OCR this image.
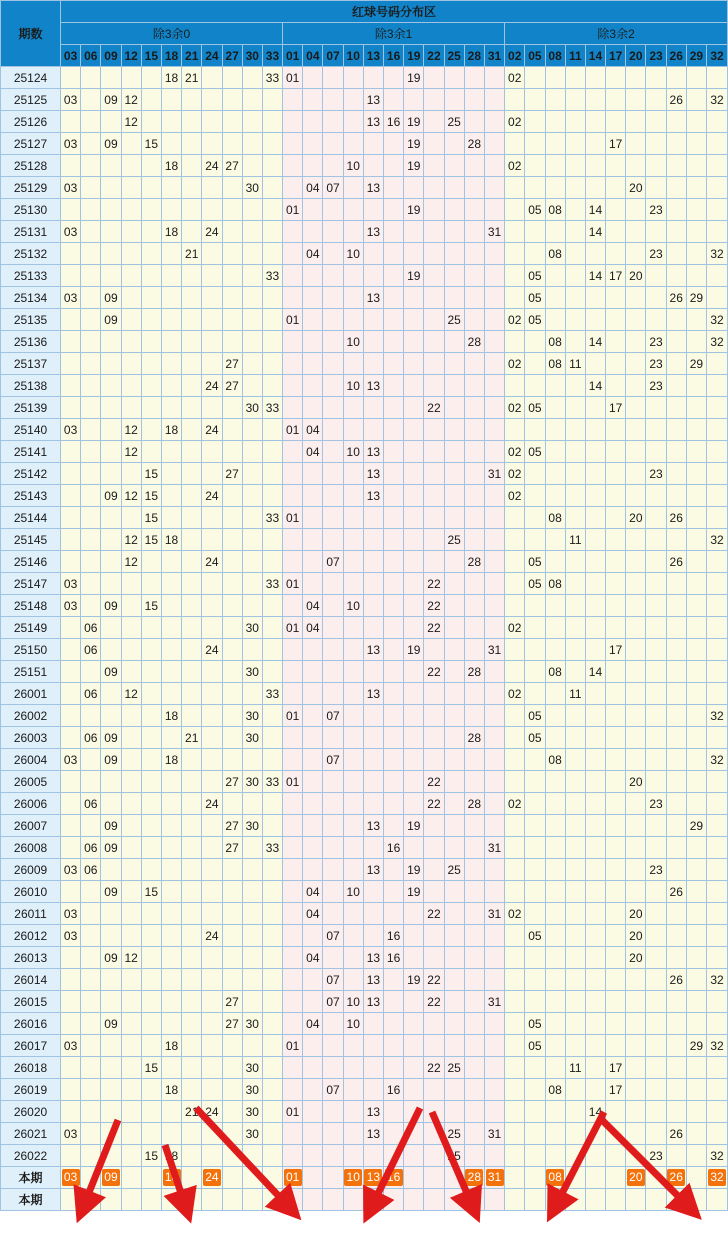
期数	红球号码分布区																																
	除3余0											除3余1											除3余2										
	03	06	09	12	15	18	21	24	27	30	33	01	04	07	10	13	16	19	22	25	28	31	02	05	08	11	14	17	20	23	26	29	32
25124						18	21				33	01						19					02										
25125	03		09	12												13															26		32
25126				12												13	16	19		25			02										
25127	03		09		15													19			28							17					
25128						18		24	27						10			19					02										
25129	03									30			04	07		13													20				
25130												01						19						05	08		14			23			
25131	03					18		24								13						31					14						
25132							21						04		10										08					23			32
25133											33							19						05			14	17	20				
25134	03		09													13								05							26	29	
25135			09									01								25			02	05									32
25136															10						28				08		14			23			32
25137									27														02		08	11				23		29	
25138								24	27						10	13											14			23			
25139										30	33								22				02	05				17					
25140	03			12		18		24				01	04																				
25141				12									04		10	13							02	05									
25142					15				27							13						31	02							23			
25143			09	12	15			24								13							02										
25144					15						33	01													08				20		26		
25145				12	15	18														25						11							32
25146				12				24						07							28			05							26		
25147	03										33	01							22					05	08								
25148	03		09		15								04		10				22														
25149		06								30		01	04						22				02										
25150		06						24								13		19				31						17					
25151			09							30									22		28				08		14						
26001		06		12							33					13							02			11							
26002						18				30		01		07										05									32
26003		06	09				21			30											28			05									
26004	03		09			18								07											08								32
26005									27	30	33	01							22										20				
26006		06						24											22		28		02							23			
26007			09						27	30						13		19														29	
26008		06	09						27		33						16					31											
26009	03	06														13		19		25										23			
26010			09		15								04		10			19													26		
26011	03												04						22			31	02						20				
26012	03							24						07			16							05					20				
26013			09	12									04			13	16												20				
26014														07		13		19	22												26		32
26015									27					07	10	13			22			31											
26016			09						27	30			04		10									05									
26017	03					18						01												05								29	32
26018					15					30									22	25						11		17					
26019						18				30				07			16								08			17					
26020							21	24		30		01				13											14						
26021	03									30						13				25		31									26		
26022					15	18														25										23			32
本期	03		09			18		24				01			10	13	16				28	31			08				20		26		32
本期																																	
